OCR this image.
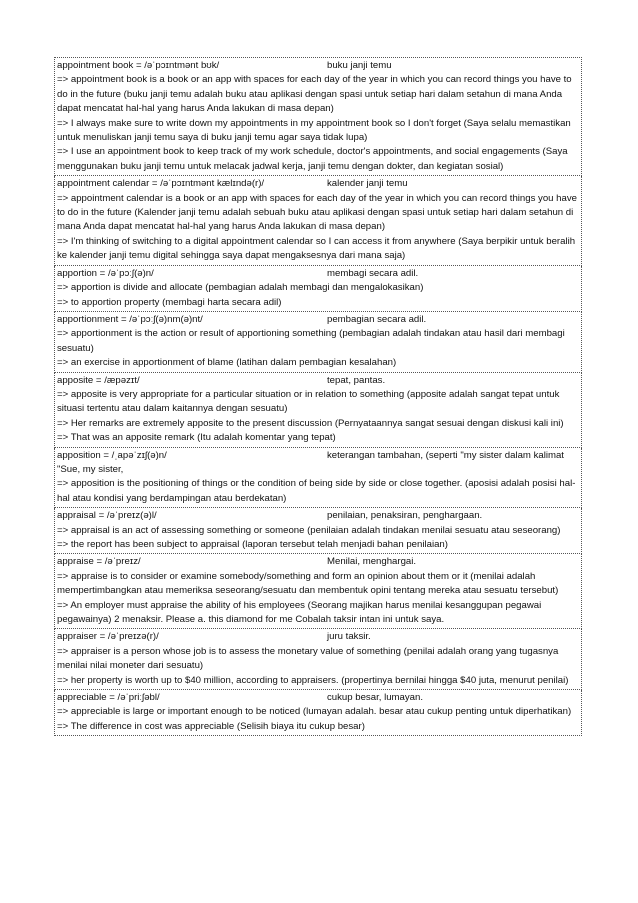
appointment book = /əˈpɔɪntmənt bʊk/	buku janji temu

=> appointment book is a book or an app with spaces for each day of the year in which you can record things you have to do in the future (buku janji temu adalah buku atau aplikasi dengan spasi untuk setiap hari dalam setahun di mana Anda dapat mencatat hal-hal yang harus Anda lakukan di masa depan)

=> I always make sure to write down my appointments in my appointment book so I don't forget (Saya selalu memastikan untuk menuliskan janji temu saya di buku janji temu agar saya tidak lupa)

=> I use an appointment book to keep track of my work schedule, doctor's appointments, and social engagements (Saya menggunakan buku janji temu untuk melacak jadwal kerja, janji temu dengan dokter, dan kegiatan sosial)

appointment calendar = /əˈpɔɪntmənt kælɪndə(r)/	kalender janji temu

=> appointment calendar is a book or an app with spaces for each day of the year in which you can record things you have to do in the future (Kalender janji temu adalah sebuah buku atau aplikasi dengan spasi untuk setiap hari dalam setahun di mana Anda dapat mencatat hal-hal yang harus Anda lakukan di masa depan)

=> I'm thinking of switching to a digital appointment calendar so I can access it from anywhere (Saya berpikir untuk beralih ke kalender janji temu digital sehingga saya dapat mengaksesnya dari mana saja)

apportion = /əˈpɔːʃ(ə)n/	membagi secara adil.

=> apportion is divide and allocate (pembagian adalah membagi dan mengalokasikan)

=> to apportion property (membagi harta secara adil)

apportionment = /əˈpɔːʃ(ə)nm(ə)nt/	pembagian secara adil.

=> apportionment is the action or result of apportioning something (pembagian adalah tindakan atau hasil dari membagi sesuatu)

=> an exercise in apportionment of blame (latihan dalam pembagian kesalahan)

apposite = /æpəzɪt/	tepat, pantas.

=> apposite is very appropriate for a particular situation or in relation to something (apposite adalah sangat tepat untuk situasi tertentu atau dalam kaitannya dengan sesuatu)

=> Her remarks are extremely apposite to the present discussion (Pernyataannya sangat sesuai dengan diskusi kali ini)

=> That was an apposite remark (Itu adalah komentar yang tepat)

apposition = /ˌapəˈzɪʃ(ə)n/	keterangan tambahan, (seperti "my sister dalam kalimat

"Sue, my sister,

=> apposition is the positioning of things or the condition of being side by side or close together. (aposisi adalah posisi hal-hal atau kondisi yang berdampingan atau berdekatan)

appraisal = /əˈpreɪz(ə)l/	penilaian, penaksiran, penghargaan.

=> appraisal is an act of assessing something or someone (penilaian adalah tindakan menilai sesuatu atau seseorang)

=> the report has been subject to appraisal (laporan tersebut telah menjadi bahan penilaian)

appraise = /əˈpreɪz/	Menilai, menghargai.

=> appraise is to consider or examine somebody/something and form an opinion about them or it (menilai adalah mempertimbangkan atau memeriksa seseorang/sesuatu dan membentuk opini tentang mereka atau sesuatu tersebut)

=> An employer must appraise the ability of his employees (Seorang majikan harus menilai kesanggupan pegawai pegawainya) 2 menaksir. Please a. this diamond for me Cobalah taksir intan ini untuk saya.

appraiser = /əˈpreɪzə(r)/	juru taksir.

=> appraiser is a person whose job is to assess the monetary value of something (penilai adalah orang yang tugasnya menilai nilai moneter dari sesuatu)

=> her property is worth up to $40 million, according to appraisers. (propertinya bernilai hingga $40 juta, menurut penilai)

appreciable = /əˈpriːʃəbl/	cukup besar, lumayan.

=> appreciable is large or important enough to be noticed (lumayan adalah. besar atau cukup penting untuk diperhatikan)

=> The difference in cost was appreciable (Selisih biaya itu cukup besar)
